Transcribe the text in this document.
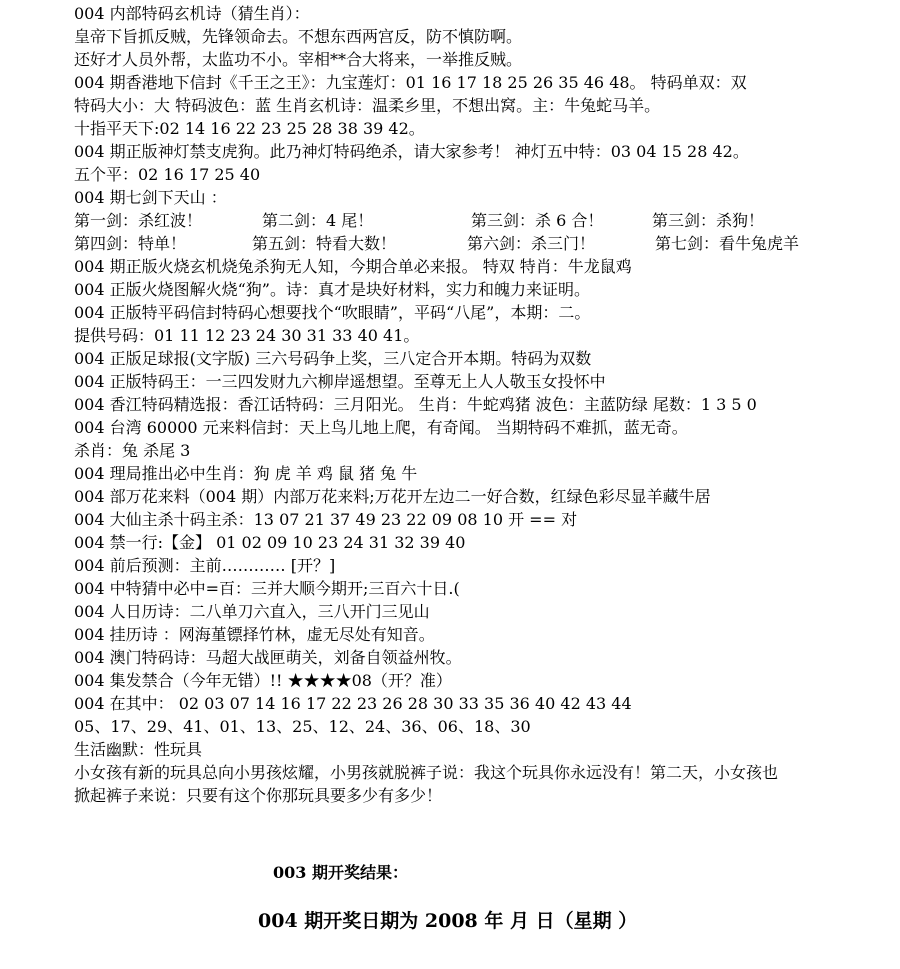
004 内部特码玄机诗（猜生肖）：
皇帝下旨抓反贼，先锋领命去。不想东西两宫反，防不慎防啊。
还好才人员外帮，太监功不小。宰相**合大将来，一举推反贼。
004 期香港地下信封《千王之王》：九宝莲灯：01 16 17 18 25 26 35 46 48。 特码单双：双
特码大小：大 特码波色：蓝 生肖玄机诗：温柔乡里，不想出窝。主：牛兔蛇马羊。
十指平天下:02 14 16 22 23 25 28 38 39 42。
004 期正版神灯禁支虎狗。此乃神灯特码绝杀，请大家参考！ 神灯五中特：03 04 15 28 42。
五个平：02 16 17 25 40
004 期七剑下天山 ：
第一剑：杀红波！	第二剑：4 尾！	第三剑：杀 6 合！	第三剑：杀狗！
第四剑：特单！	第五剑：特看大数！	第六剑：杀三门！	第七剑：看牛兔虎羊
004 期正版火烧玄机烧兔杀狗无人知，今期合单必来报。 特双 特肖：牛龙鼠鸡
004 正版火烧图解火烧“狗”。诗：真才是块好材料，实力和魄力来证明。
004 正版特平码信封特码心想要找个“吹眼睛”，平码“八尾”，本期：二。
提供号码：01 11 12 23 24 30 31 33 40 41。
004 正版足球报(文字版) 三六号码争上奖，三八定合开本期。特码为双数
004 正版特码王：一三四发财九六柳岸遥想望。至尊无上人人敬玉女投怀中
004 香江特码精选报：香江话特码：三月阳光。 生肖：牛蛇鸡猪 波色：主蓝防绿 尾数：1 3 5 0
004 台湾 60000 元来料信封：天上鸟儿地上爬，有奇闻。 当期特码不难抓，蓝无奇。
杀肖：兔 杀尾 3
004 理局推出必中生肖：狗 虎 羊 鸡 鼠 猪 兔 牛
004 部万花来料（004 期）内部万花来料;万花开左边二一好合数，红绿色彩尽显羊藏牛居
004 大仙主杀十码主杀：13 07 21 37 49 23 22 09 08 10 开 == 对
004 禁一行:【金】 01 02 09 10 23 24 31 32 39 40
004 前后预测：主前………… [开？]
004 中特猜中必中=百：三并大顺今期开;三百六十日.(
004 人日历诗：二八单刀六直入，三八开门三见山
004 挂历诗 ：网海堇镖择竹林，虚无尽处有知音。
004 澳门特码诗：马超大战匣萌关，刘备自领益州牧。
004 集发禁合（今年无错）!! ★★★★08（开？准）
004 在其中： 02 03 07 14 16 17 22 23 26 28 30 33 35 36 40 42 43 44
05、17、29、41、01、13、25、12、24、36、06、18、30
生活幽默：性玩具
小女孩有新的玩具总向小男孩炫耀，小男孩就脱裤子说：我这个玩具你永远没有！第二天，小女孩也
掀起裤子来说：只要有这个你那玩具要多少有多少！
003 期开奖结果：
004 期开奖日期为 2008 年 月 日（星期 ）
